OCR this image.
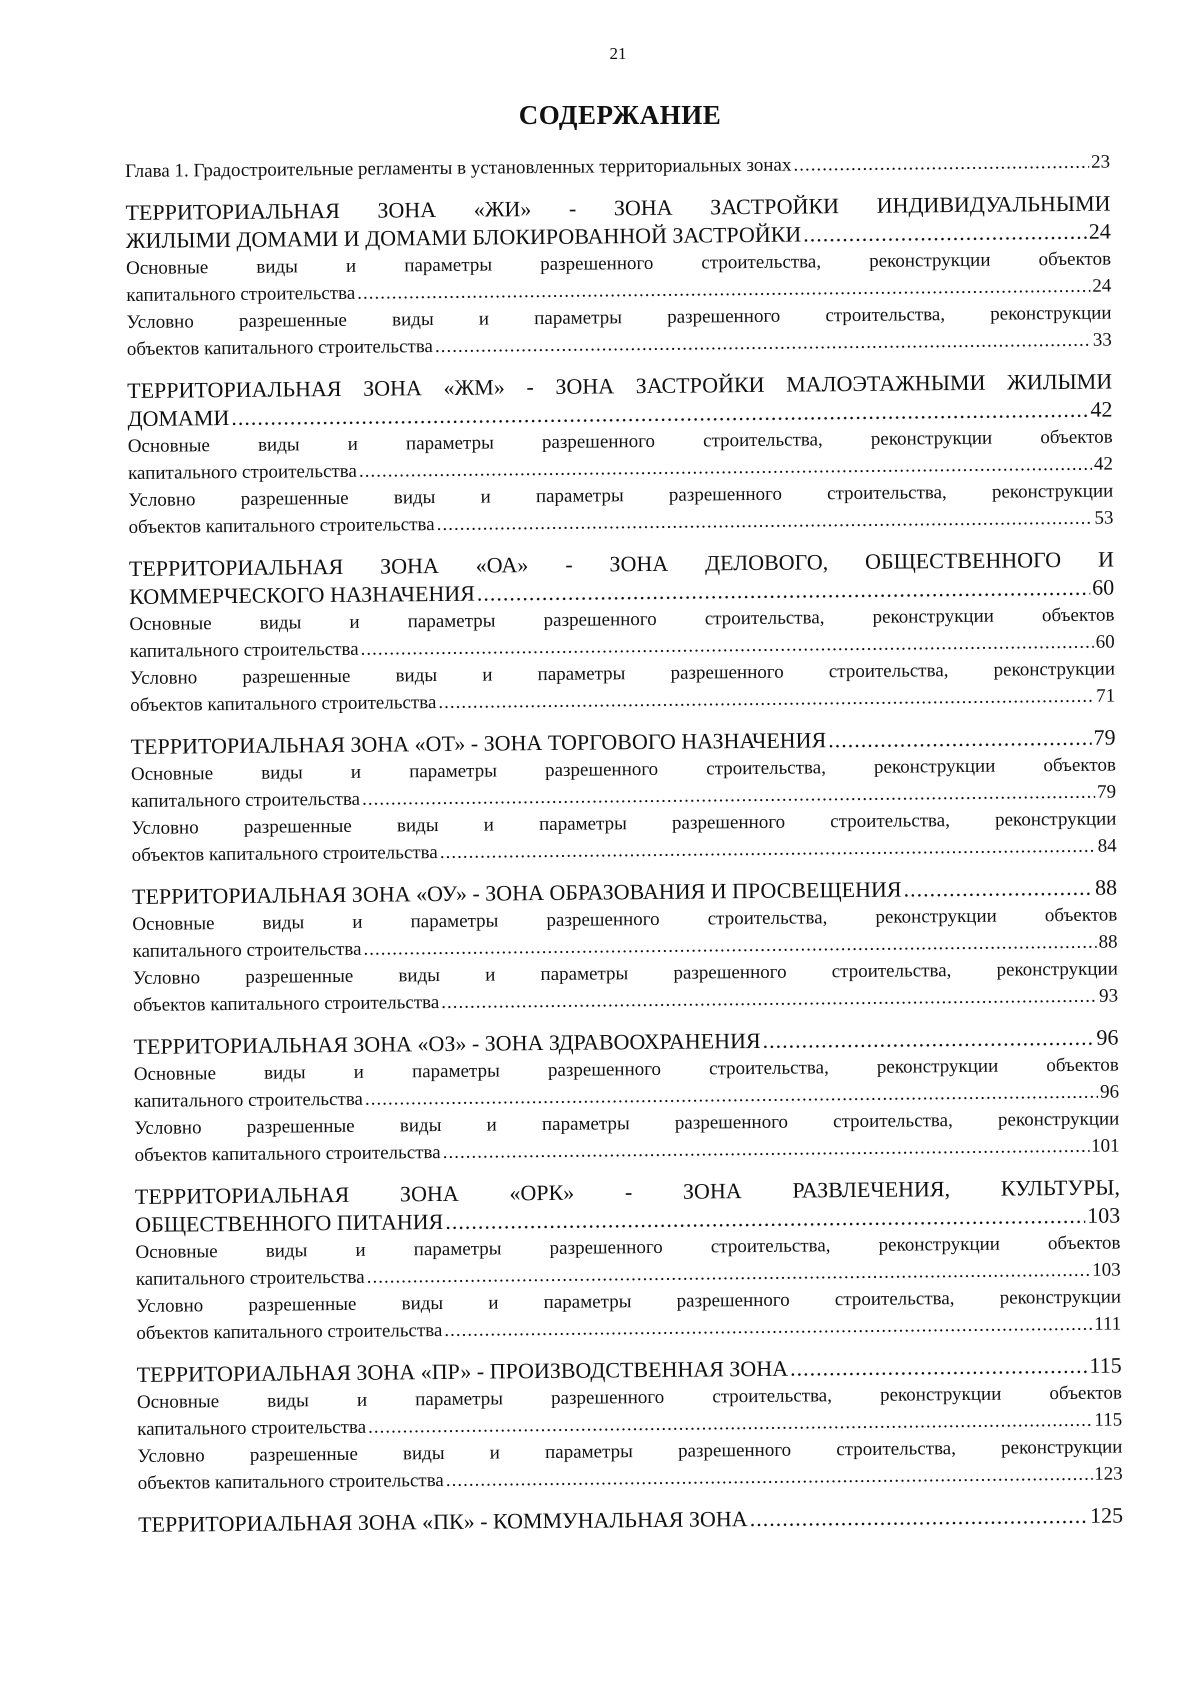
21
СОДЕРЖАНИЕ
Глава 1. Градостроительные регламенты в установленных территориальных зонах .....	23
ТЕРРИТОРИАЛЬНАЯ ЗОНА «ЖИ» - ЗОНА ЗАСТРОЙКИ ИНДИВИДУАЛЬНЫМИ
ЖИЛЫМИ ДОМАМИ И ДОМАМИ БЛОКИРОВАННОЙ ЗАСТРОЙКИ .....	24
Основные виды и параметры разрешенного строительства, реконструкции объектов
капитального строительства .....	24
Условно разрешенные виды и параметры разрешенного строительства, реконструкции
объектов капитального строительства .....	33
ТЕРРИТОРИАЛЬНАЯ ЗОНА «ЖМ» - ЗОНА ЗАСТРОЙКИ МАЛОЭТАЖНЫМИ ЖИЛЫМИ
ДОМАМИ .....	42
Основные виды и параметры разрешенного строительства, реконструкции объектов
капитального строительства .....	42
Условно разрешенные виды и параметры разрешенного строительства, реконструкции
объектов капитального строительства .....	53
ТЕРРИТОРИАЛЬНАЯ ЗОНА «ОА» - ЗОНА ДЕЛОВОГО, ОБЩЕСТВЕННОГО И
КОММЕРЧЕСКОГО НАЗНАЧЕНИЯ .....	60
Основные виды и параметры разрешенного строительства, реконструкции объектов
капитального строительства .....	60
Условно разрешенные виды и параметры разрешенного строительства, реконструкции
объектов капитального строительства .....	71
ТЕРРИТОРИАЛЬНАЯ ЗОНА «ОТ» - ЗОНА ТОРГОВОГО НАЗНАЧЕНИЯ .....	79
Основные виды и параметры разрешенного строительства, реконструкции объектов
капитального строительства .....	79
Условно разрешенные виды и параметры разрешенного строительства, реконструкции
объектов капитального строительства .....	84
ТЕРРИТОРИАЛЬНАЯ ЗОНА «ОУ» - ЗОНА ОБРАЗОВАНИЯ И ПРОСВЕЩЕНИЯ .....	88
Основные виды и параметры разрешенного строительства, реконструкции объектов
капитального строительства .....	88
Условно разрешенные виды и параметры разрешенного строительства, реконструкции
объектов капитального строительства .....	93
ТЕРРИТОРИАЛЬНАЯ ЗОНА «ОЗ» - ЗОНА ЗДРАВООХРАНЕНИЯ .....	96
Основные виды и параметры разрешенного строительства, реконструкции объектов
капитального строительства .....	96
Условно разрешенные виды и параметры разрешенного строительства, реконструкции
объектов капитального строительства .....	101
ТЕРРИТОРИАЛЬНАЯ ЗОНА «ОРК» - ЗОНА РАЗВЛЕЧЕНИЯ, КУЛЬТУРЫ,
ОБЩЕСТВЕННОГО ПИТАНИЯ .....	103
Основные виды и параметры разрешенного строительства, реконструкции объектов
капитального строительства .....	103
Условно разрешенные виды и параметры разрешенного строительства, реконструкции
объектов капитального строительства .....	111
ТЕРРИТОРИАЛЬНАЯ ЗОНА «ПР» - ПРОИЗВОДСТВЕННАЯ ЗОНА .....	115
Основные виды и параметры разрешенного строительства, реконструкции объектов
капитального строительства .....	115
Условно разрешенные виды и параметры разрешенного строительства, реконструкции
объектов капитального строительства .....	123
ТЕРРИТОРИАЛЬНАЯ ЗОНА «ПК» - КОММУНАЛЬНАЯ ЗОНА .....	125
